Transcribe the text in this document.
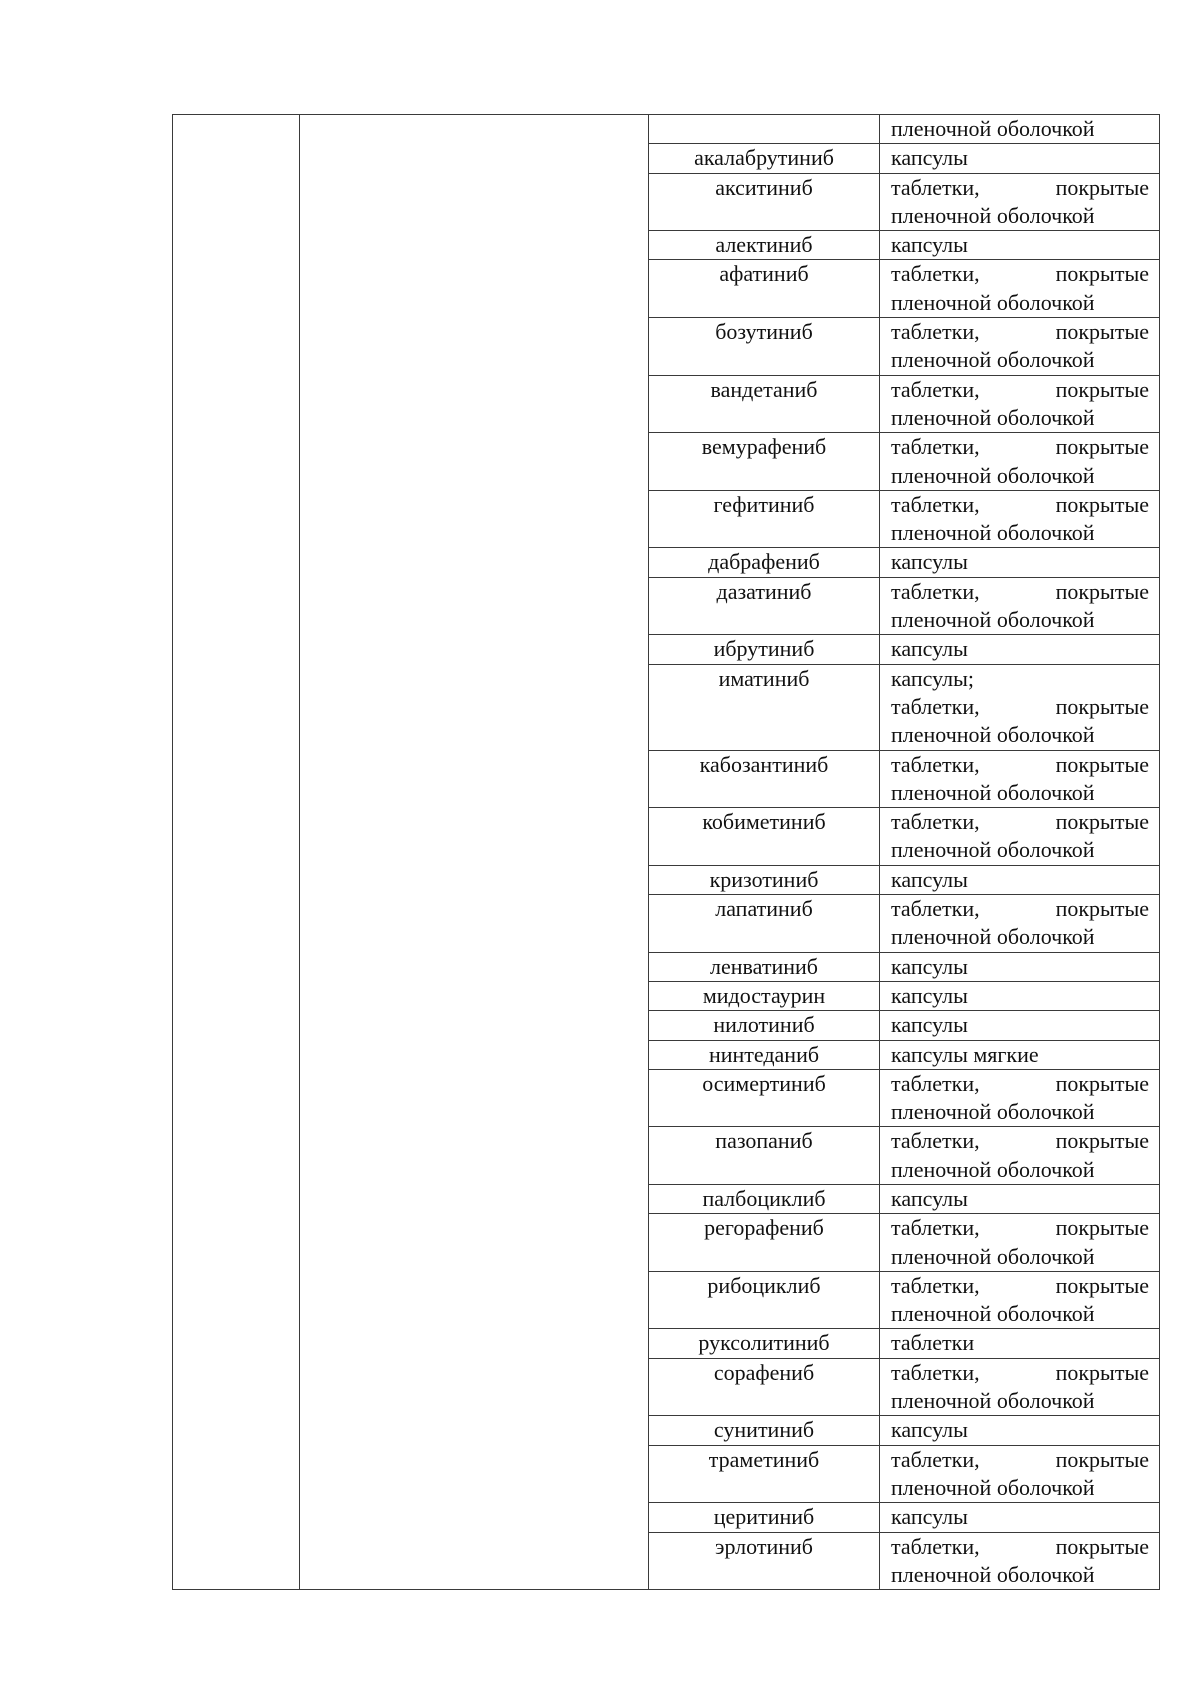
			пленочной оболочкой

		акалабрутиниб	капсулы

		акситиниб	таблетки, покрытые
пленочной оболочкой

		алектиниб	капсулы

		афатиниб	таблетки, покрытые
пленочной оболочкой

		бозутиниб	таблетки, покрытые
пленочной оболочкой

		вандетаниб	таблетки, покрытые
пленочной оболочкой

		вемурафениб	таблетки, покрытые
пленочной оболочкой

		гефитиниб	таблетки, покрытые
пленочной оболочкой

		дабрафениб	капсулы

		дазатиниб	таблетки, покрытые
пленочной оболочкой

		ибрутиниб	капсулы

		иматиниб	капсулы;
таблетки, покрытые
пленочной оболочкой

		кабозантиниб	таблетки, покрытые
пленочной оболочкой

		кобиметиниб	таблетки, покрытые
пленочной оболочкой

		кризотиниб	капсулы

		лапатиниб	таблетки, покрытые
пленочной оболочкой

		ленватиниб	капсулы

		мидостаурин	капсулы

		нилотиниб	капсулы

		нинтеданиб	капсулы мягкие

		осимертиниб	таблетки, покрытые
пленочной оболочкой

		пазопаниб	таблетки, покрытые
пленочной оболочкой

		палбоциклиб	капсулы

		регорафениб	таблетки, покрытые
пленочной оболочкой

		рибоциклиб	таблетки, покрытые
пленочной оболочкой

		руксолитиниб	таблетки

		сорафениб	таблетки, покрытые
пленочной оболочкой

		сунитиниб	капсулы

		траметиниб	таблетки, покрытые
пленочной оболочкой

		церитиниб	капсулы

		эрлотиниб	таблетки, покрытые
пленочной оболочкой
